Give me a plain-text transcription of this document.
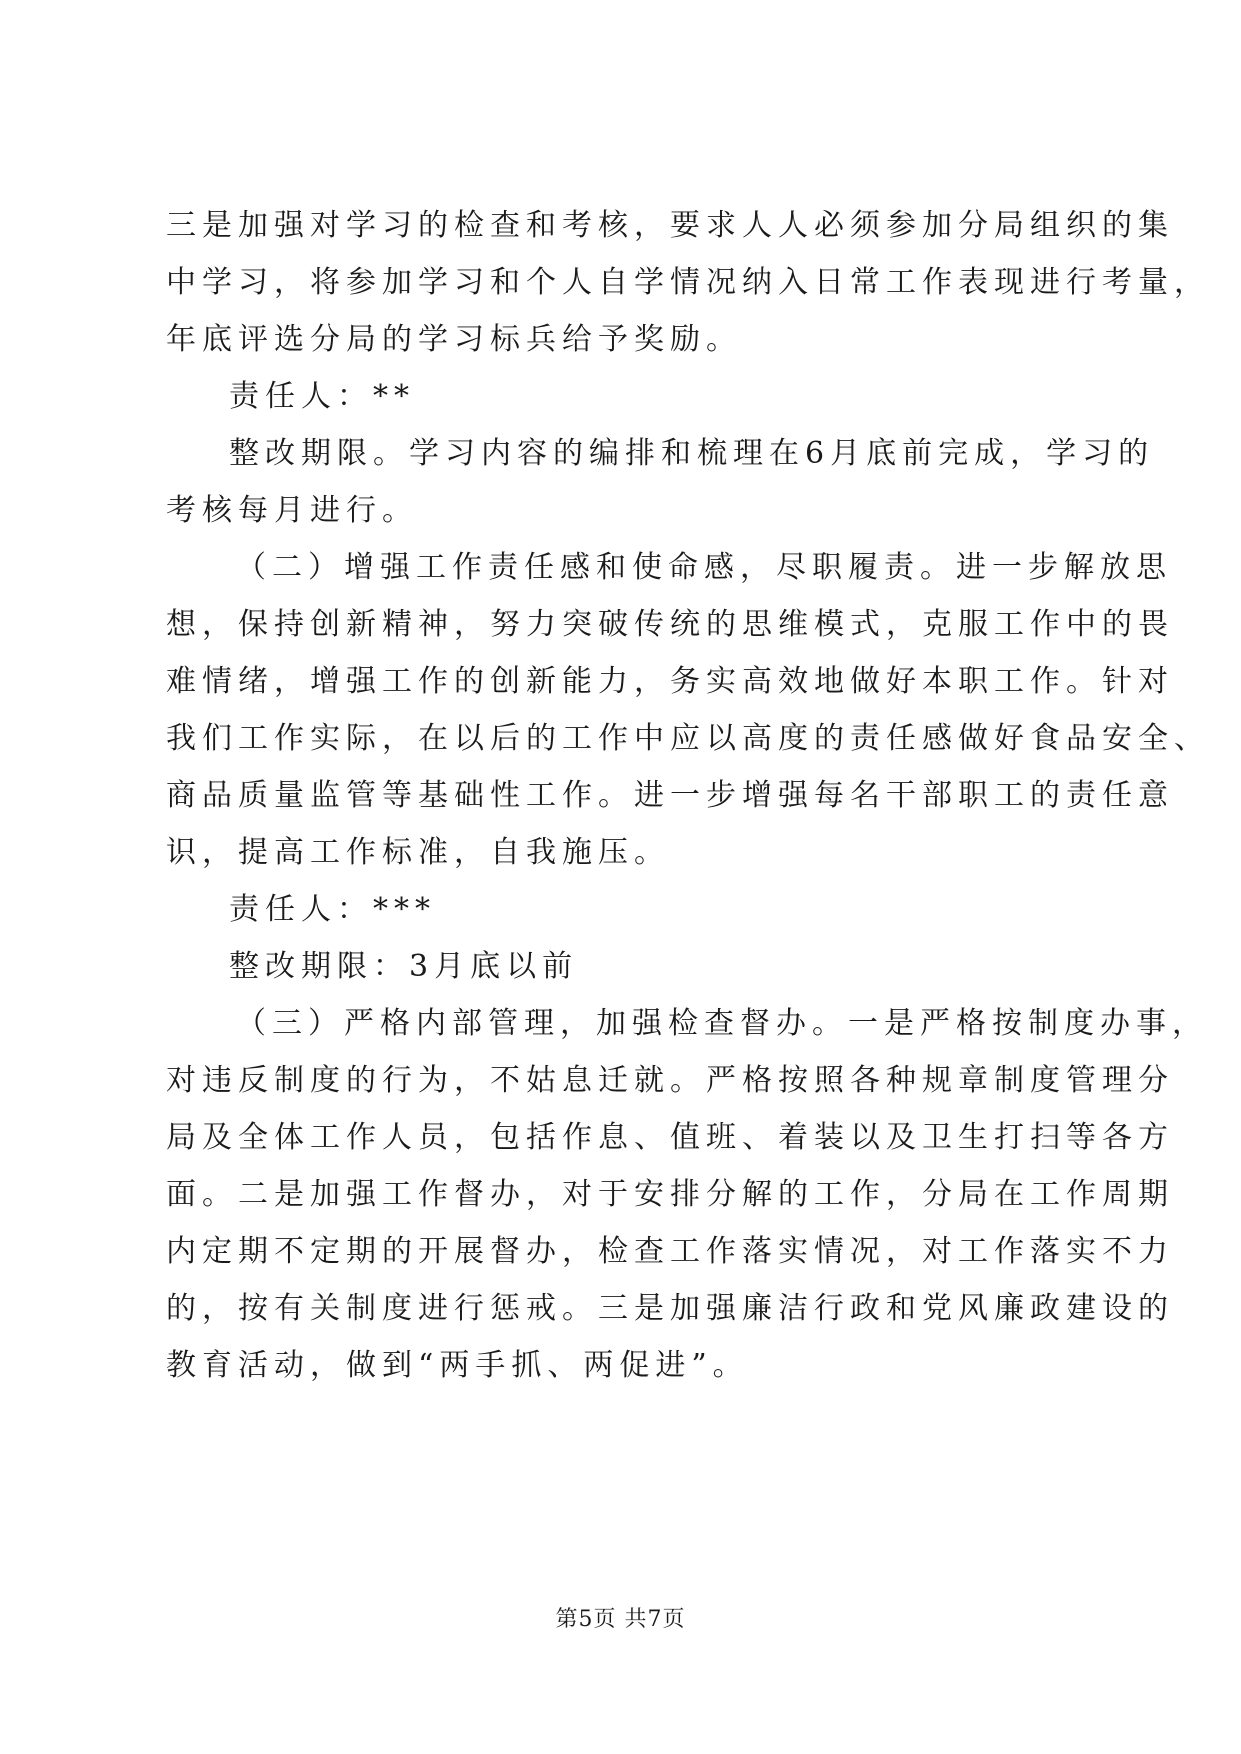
三是加强对学习的检查和考核，要求人人必须参加分局组织的集
中学习，将参加学习和个人自学情况纳入日常工作表现进行考量，
年底评选分局的学习标兵给予奖励。
责任人：**
整改期限。学习内容的编排和梳理在6月底前完成，学习的
考核每月进行。
（二）增强工作责任感和使命感，尽职履责。进一步解放思
想，保持创新精神，努力突破传统的思维模式，克服工作中的畏
难情绪，增强工作的创新能力，务实高效地做好本职工作。针对
我们工作实际，在以后的工作中应以高度的责任感做好食品安全、
商品质量监管等基础性工作。进一步增强每名干部职工的责任意
识，提高工作标准，自我施压。
责任人：***
整改期限：3月底以前
（三）严格内部管理，加强检查督办。一是严格按制度办事，
对违反制度的行为，不姑息迁就。严格按照各种规章制度管理分
局及全体工作人员，包括作息、值班、着装以及卫生打扫等各方
面。二是加强工作督办，对于安排分解的工作，分局在工作周期
内定期不定期的开展督办，检查工作落实情况，对工作落实不力
的，按有关制度进行惩戒。三是加强廉洁行政和党风廉政建设的
教育活动，做到“两手抓、两促进”。
第5页 共7页
